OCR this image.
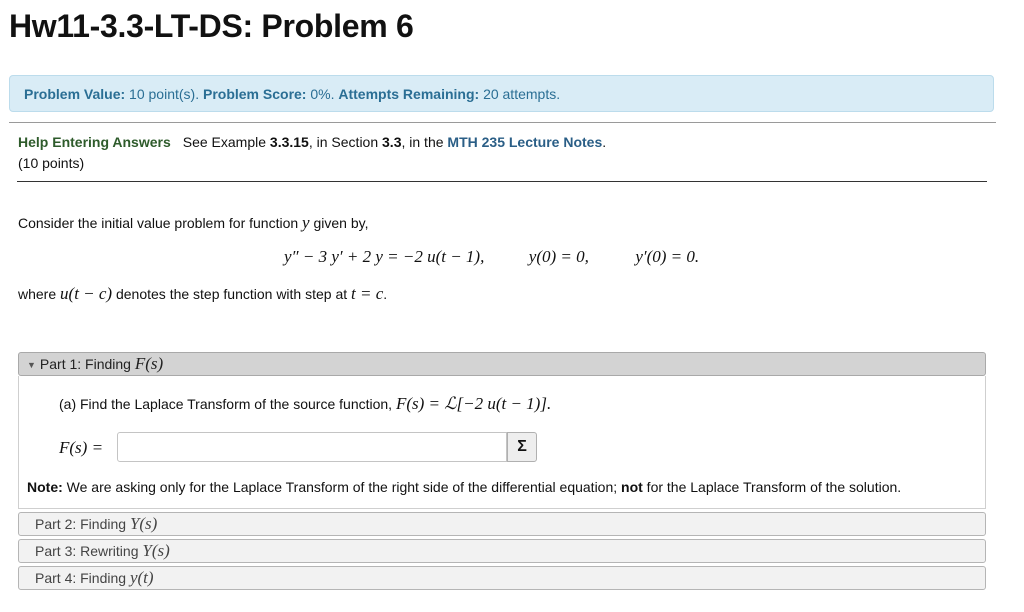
Hw11-3.3-LT-DS: Problem 6
Problem Value: 10 point(s). Problem Score: 0%. Attempts Remaining: 20 attempts.
Help Entering Answers See Example 3.3.15, in Section 3.3, in the MTH 235 Lecture Notes.
(10 points)
Consider the initial value problem for function y given by,
y″ − 3 y′ + 2 y = −2 u(t − 1),	y(0) = 0,	y′(0) = 0.
where u(t − c) denotes the step function with step at t = c.
▼ Part 1: Finding F(s)
(a) Find the Laplace Transform of the source function, F(s) = ℒ[−2 u(t − 1)].
F(s) =	Σ
Note: We are asking only for the Laplace Transform of the right side of the differential equation; not for the Laplace Transform of the solution.
Part 2: Finding Y(s)
Part 3: Rewriting Y(s)
Part 4: Finding y(t)
